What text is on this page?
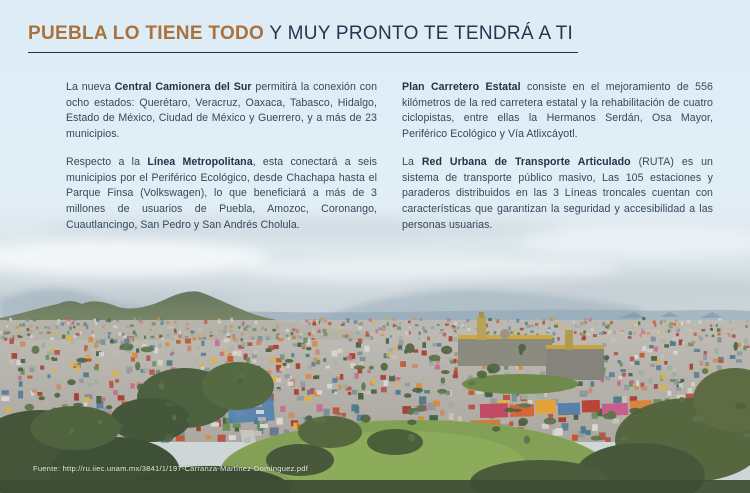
PUEBLA LO TIENE TODO Y MUY PRONTO TE TENDRÁ A TI

La nueva Central Camionera del Sur permitirá la conexión con ocho estados: Querétaro, Veracruz, Oaxaca, Tabasco, Hidalgo, Estado de México, Ciudad de México y Guerrero, y a más de 23 municipios.

Respecto a la Línea Metropolitana, esta conectará a seis municipios por el Periférico Ecológico, desde Chachapa hasta el Parque Finsa (Volkswagen), lo que beneficiará a más de 3 millones de usuarios de Puebla, Amozoc, Coronango, Cuautlancingo, San Pedro y San Andrés Cholula.

Plan Carretero Estatal consiste en el mejoramiento de 556 kilómetros de la red carretera estatal y la rehabilitación de cuatro ciclopistas, entre ellas la Hermanos Serdán, Osa Mayor, Periférico Ecológico y Vía Atlixcáyotl.

La Red Urbana de Transporte Articulado (RUTA) es un sistema de transporte público masivo, Las 105 estaciones y paraderos distribuidos en las 3 Líneas troncales cuentan con características que garantizan la seguridad y accesibilidad a las personas usuarias.

Fuente: http://ru.iiec.unam.mx/3841/1/197-Carranza-Martínez-Domínguez.pdf
